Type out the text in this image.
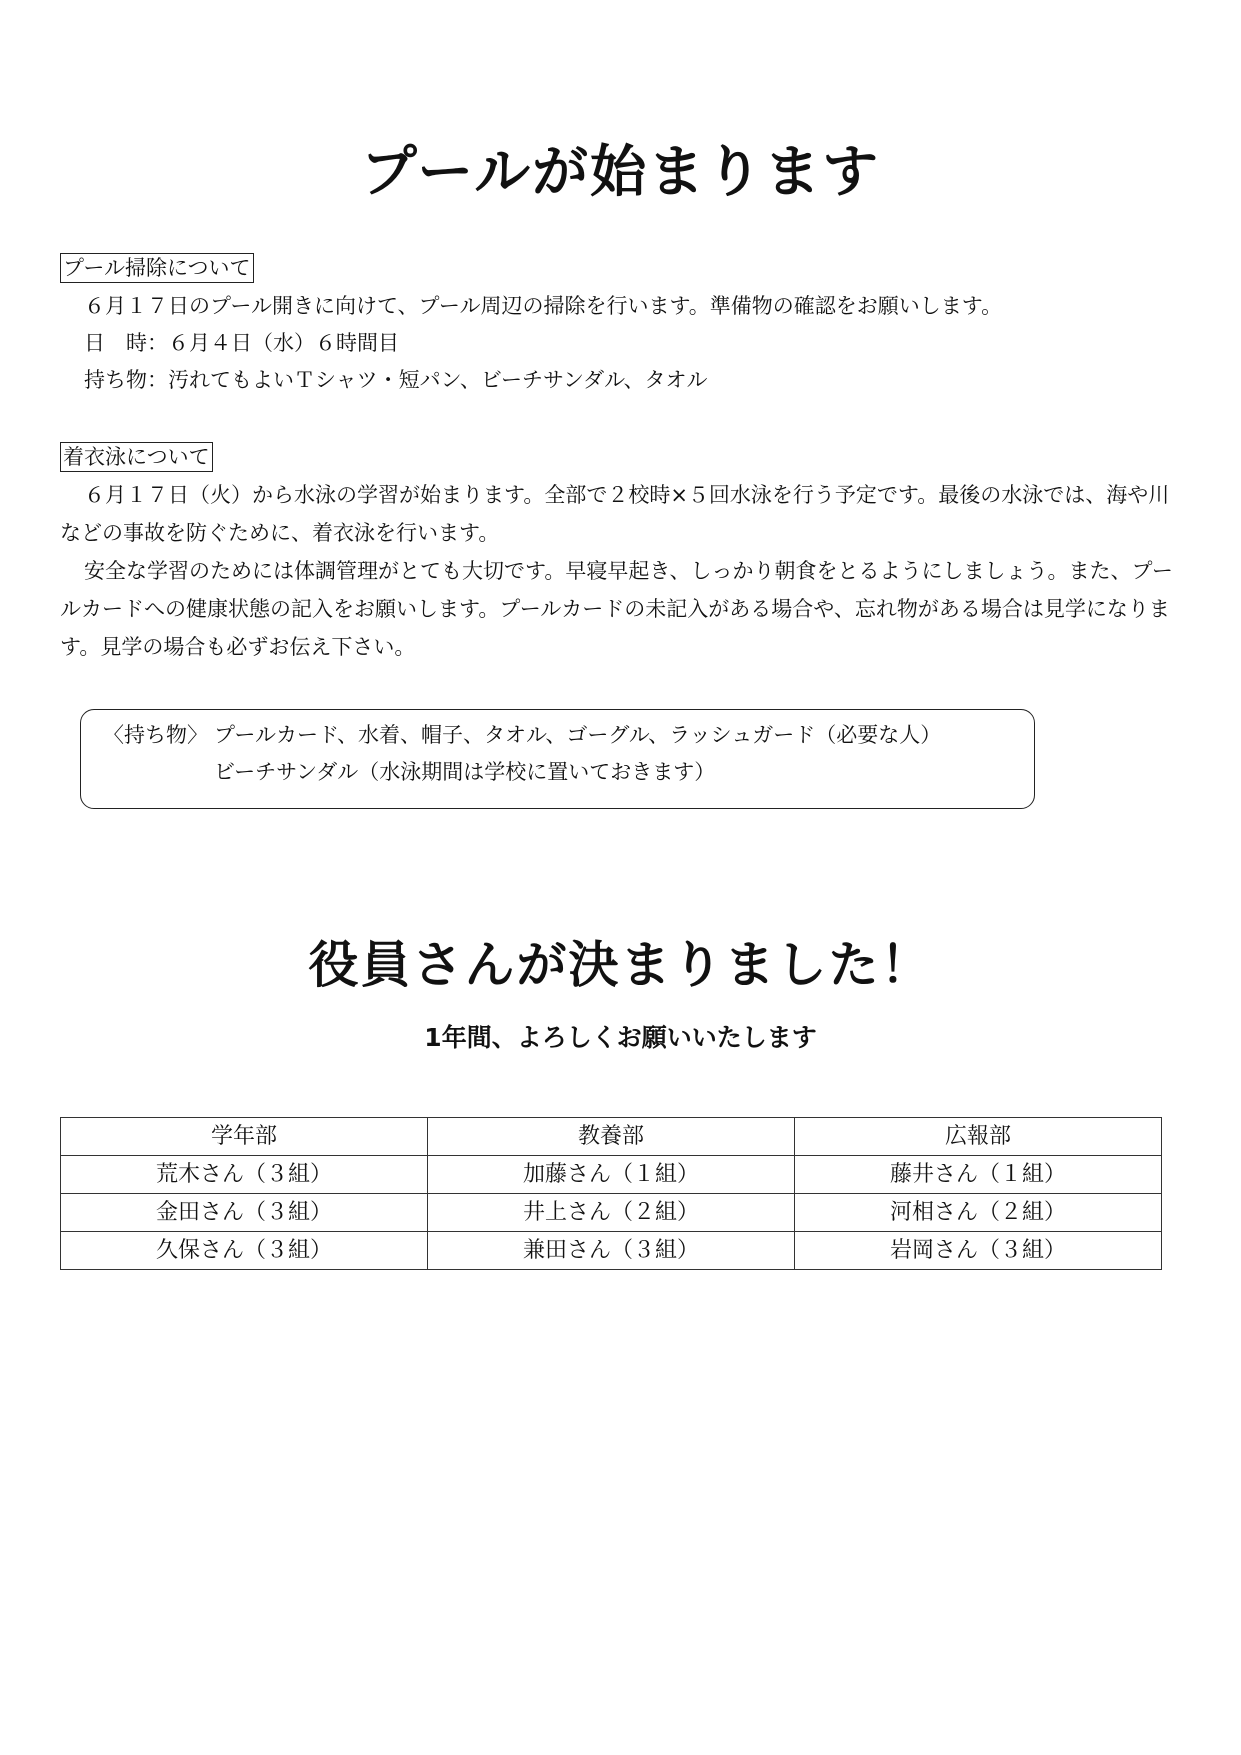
プールが始まります
プール掃除について

６月１７日のプール開きに向けて、プール周辺の掃除を行います。準備物の確認をお願いします。

日　時：６月４日（水）６時間目

持ち物：汚れてもよいＴシャツ・短パン、ビーチサンダル、タオル

着衣泳について

６月１７日（火）から水泳の学習が始まります。全部で２校時×５回水泳を行う予定です。最後の水泳では、海や川などの事故を防ぐために、着衣泳を行います。

安全な学習のためには体調管理がとても大切です。早寝早起き、しっかり朝食をとるようにしましょう。また、プールカードへの健康状態の記入をお願いします。プールカードの未記入がある場合や、忘れ物がある場合は見学になります。見学の場合も必ずお伝え下さい。

〈持ち物〉 プールカード、水着、帽子、タオル、ゴーグル、ラッシュガード（必要な人）
ビーチサンダル（水泳期間は学校に置いておきます）
役員さんが決まりました！

1年間、よろしくお願いいたします

学年部	教養部	広報部
荒木さん（３組）	加藤さん（１組）	藤井さん（１組）
金田さん（３組）	井上さん（２組）	河相さん（２組）
久保さん（３組）	兼田さん（３組）	岩岡さん（３組）
